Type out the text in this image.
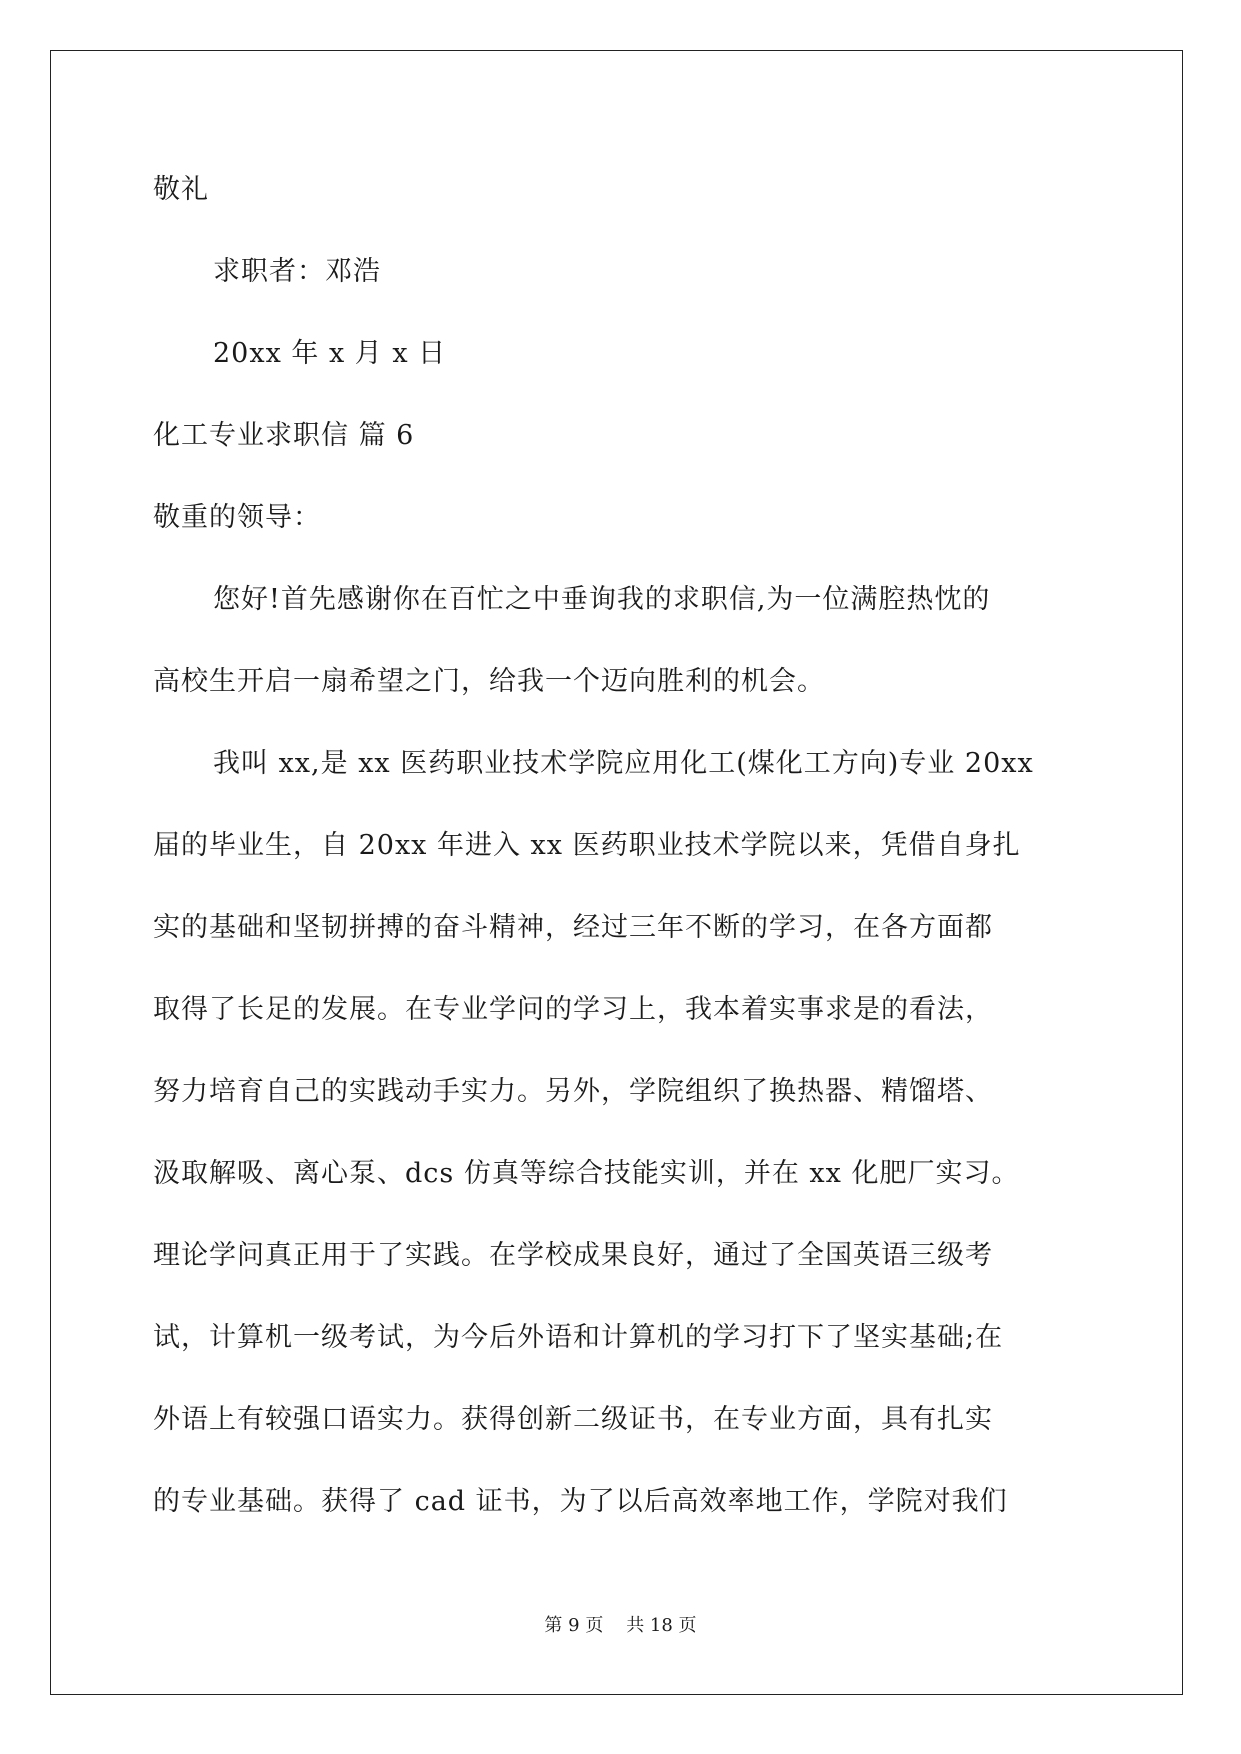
敬礼
求职者：邓浩
20xx 年 x 月 x 日
化工专业求职信 篇 6
敬重的领导：
您好!首先感谢你在百忙之中垂询我的求职信,为一位满腔热忱的
高校生开启一扇希望之门，给我一个迈向胜利的机会。
我叫 xx,是 xx 医药职业技术学院应用化工(煤化工方向)专业 20xx
届的毕业生，自 20xx 年进入 xx 医药职业技术学院以来，凭借自身扎
实的基础和坚韧拼搏的奋斗精神，经过三年不断的学习，在各方面都
取得了长足的发展。在专业学问的学习上，我本着实事求是的看法，
努力培育自己的实践动手实力。另外，学院组织了换热器、精馏塔、
汲取解吸、离心泵、dcs 仿真等综合技能实训，并在 xx 化肥厂实习。
理论学问真正用于了实践。在学校成果良好，通过了全国英语三级考
试，计算机一级考试，为今后外语和计算机的学习打下了坚实基础;在
外语上有较强口语实力。获得创新二级证书，在专业方面，具有扎实
的专业基础。获得了 cad 证书，为了以后高效率地工作，学院对我们
第 9 页    共 18 页
